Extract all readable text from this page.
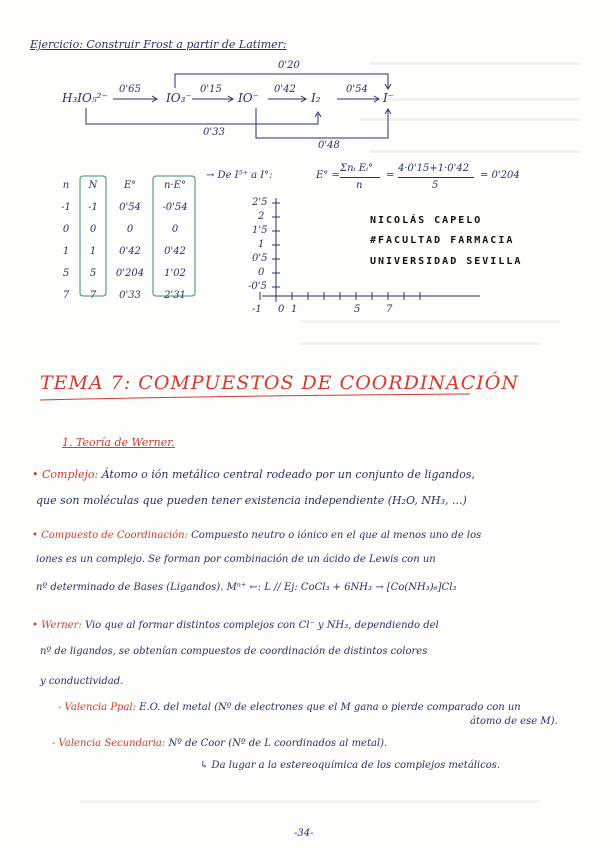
Ejercicio: Construir Frost a partir de Latimer:
H₃IO₅²⁻	IO₃⁻	IO⁻	I₂	I⁻
0'65	0'15	0'42	0'54
0'20
0'33
0'48
n	N	E°	n·E°
-1	-1	0'54	-0'54
0	0	0	0
1	1	0'42	0'42
5	5	0'204	1'02
7	7	0'33	2'31
→ De I⁵⁺ a I°:	E° =
Σnᵢ Eᵢ°
n
=
4·0'15+1·0'42
5
= 0'204
2'5
2
1'5
1
0'5
0
-0'5
-1 0 1	5	7
NICOLÁS CAPELO
#FACULTAD FARMACIA
UNIVERSIDAD SEVILLA
TEMA 7: COMPUESTOS DE COORDINACIÓN
1. Teoría de Werner.
• Complejo: Átomo o ión metálico central rodeado por un conjunto de ligandos,
que son moléculas que pueden tener existencia independiente (H₂O, NH₃, ...)
• Compuesto de Coordinación: Compuesto neutro o iónico en el que al menos uno de los
iones es un complejo. Se forman por combinación de un ácido de Lewis con un
nº determinado de Bases (Ligandos). Mⁿ⁺ ←: L // Ej: CoCl₃ + 6NH₃ → [Co(NH₃)₆]Cl₃
• Werner: Vio que al formar distintos complejos con Cl⁻ y NH₃, dependiendo del
nº de ligandos, se obtenían compuestos de coordinación de distintos colores
y conductividad.
- Valencia Ppal: E.O. del metal (Nº de electrones que el M gana o pierde comparado con un
átomo de ese M).
- Valencia Secundaria: Nº de Coor (Nº de L coordinados al metal).
↳ Da lugar a la estereoquímica de los complejos metálicos.
-34-
